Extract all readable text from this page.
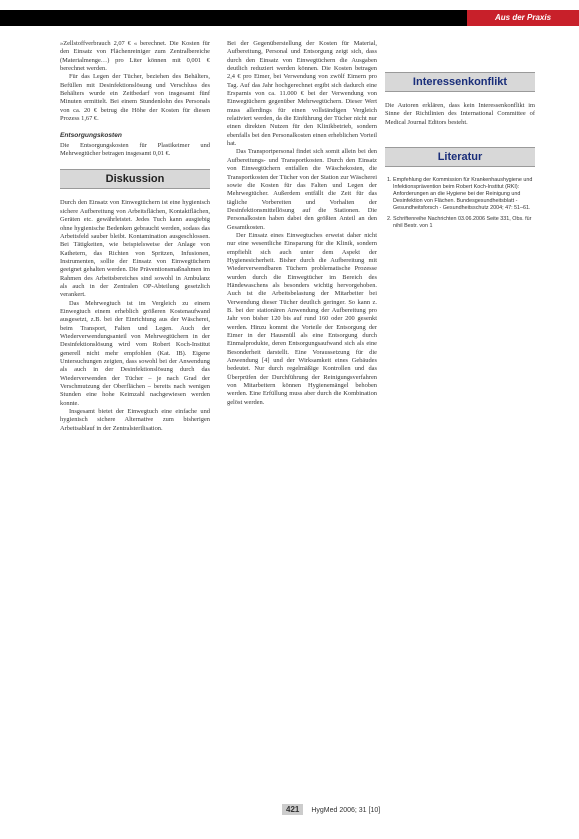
Aus der Praxis

»Zellstoffverbrauch 2,07 € « berechnet. Die Kosten für den Einsatz von Flächenreiniger zum Zentralbereiche (Materialmenge…) pro Liter können mit 0,001 € berechnet werden.

Für das Legen der Tücher, beziehen des Behälters, Befüllen mit Desinfektionslösung und Verschluss des Behälters wurde ein Zeitbedarf von insgesamt fünf Minuten ermittelt. Bei einem Stundenlohn des Personals von ca. 20 € betrug die Höhe der Kosten für diesen Prozess 1,67 €.

Entsorgungskosten

Die Entsorgungskosten für Plastikeimer und Mehrwegtücher betragen insgesamt 0,01 €.

Diskussion

Durch den Einsatz von Einwegtüchern ist eine hygienisch sichere Aufbereitung von Arbeitsflächen, Kontaktflächen, Geräten etc. gewährleistet. Jedes Tuch kann ausgiebig ohne hygienische Bedenken gebraucht werden, sodass das Arbeitsfeld sauber bleibt. Kontamination ausgeschlossen. Bei Tätigkeiten, wie beispielsweise der Anlage von Kathetern, das Richten von Spritzen, Infusionen, Instrumenten, sollte der Einsatz von Einwegtüchern geeignet gehalten werden. Die Präventionsmaßnahmen im Rahmen des Arbeitsbereiches sind sowohl in Ambulanz als auch in der Zentralen OP-Abteilung gesetzlich verankert.

Das Mehrwegtuch ist im Vergleich zu einem Einwegtuch einem erheblich größeren Kostenaufwand ausgesetzt, z.B. bei der Einrichtung aus der Wäscherei, beim Transport, Falten und Legen. Auch der Wiederverwendungsanteil von Mehrwegtüchern in der Desinfektionslösung wird vom Robert Koch-Institut generell nicht mehr empfohlen (Kat. IB). Eigene Untersuchungen zeigten, dass sowohl bei der Anwendung als auch in der Desinfektionslösung durch das Wiederverwenden der Tücher – je nach Grad der Verschmutzung der Oberflächen – bereits nach wenigen Stunden eine hohe Keimzahl nachgewiesen werden konnte.

Insgesamt bietet der Einwegtuch eine einfache und hygienisch sichere Alternative zum bisherigen Arbeitsablauf in der Zentralsterilisation.

Bei der Gegenüberstellung der Kosten für Material, Aufbereitung, Personal und Entsorgung zeigt sich, dass durch den Einsatz von Einwegtüchern die Ausgaben deutlich reduziert werden können. Die Kosten betragen 2,4 € pro Eimer, bei Verwendung von zwölf Eimern pro Tag. Auf das Jahr hochgerechnet ergibt sich dadurch eine Ersparnis von ca. 11.000 € bei der Verwendung von Einwegtüchern gegenüber Mehrwegtüchern. Dieser Wert muss allerdings für einen vollständigen Vergleich relativiert werden, da die Einführung der Tücher nicht nur einen direkten Nutzen für den Klinikbetrieb, sondern ebenfalls bei den Personalkosten einen erheblichen Vorteil hat.

Das Transportpersonal findet sich somit allein bei den Aufbereitungs- und Transportkosten. Durch den Einsatz von Einwegtüchern entfallen die Wäschekosten, die Transportkosten der Tücher von der Station zur Wäscherei sowie die Kosten für das Falten und Legen der Mehrwegtücher. Außerdem entfällt die Zeit für das tägliche Vorbereiten und Vorhalten der Desinfektionsmittellösung auf die Stationen. Die Personalkosten haben dabei den größten Anteil an den Gesamtkosten.

Der Einsatz eines Einwegtuches erweist daher nicht nur eine wesentliche Einsparung für die Klinik, sondern empfiehlt sich auch unter dem Aspekt der Hygienesicherheit. Bisher durch die Aufbereitung mit Wiederverwendbaren Tüchern problematische Prozesse wurden durch die Einwegtücher im Bereich des Händewaschens als besonders wichtig hervorgehoben. Auch ist die Arbeitsbelastung der Mitarbeiter bei Verwendung dieser Tücher deutlich geringer. So kann z. B. bei der stationären Anwendung der Aufbereitung pro Jahr von bisher 120 bis auf rund 160 oder 200 gesenkt werden. Hinzu kommt die Vorteile der Entsorgung der Eimer in der Hausmüll als eine Entsorgung durch Einmalprodukte, deren Entsorgungsaufwand sich als eine Besonderheit darstellt. Eine Voraussetzung für die Anwendung [4] und der Wirksamkeit eines Gebäudes bedeutet. Nur durch regelmäßige Kontrollen und das Überprüfen der Durchführung der Reinigungsverfahren von Mitarbeitern können Hygienemängel behoben werden. Eine Erfüllung muss aber durch die Kombination gelöst werden.

Interessenkonflikt

Die Autoren erklären, dass kein Interessenkonflikt im Sinne der Richtlinien des International Committee of Medical Journal Editors besteht.

Literatur
1. Empfehlung der Kommission für Krankenhaushygiene und Infektionsprävention beim Robert Koch-Institut (RKI): Anforderungen an die Hygiene bei der Reinigung und Desinfektion von Flächen. Bundesgesundheitsblatt - Gesundheitsforsch - Gesundheitsschutz 2004; 47: 51–61.
2. Schriftenreihe Nachrichten 03.06.2006 Seite 331, Obs. für nihil Bestr. von 1
421 HygMed 2006; 31 [10]
